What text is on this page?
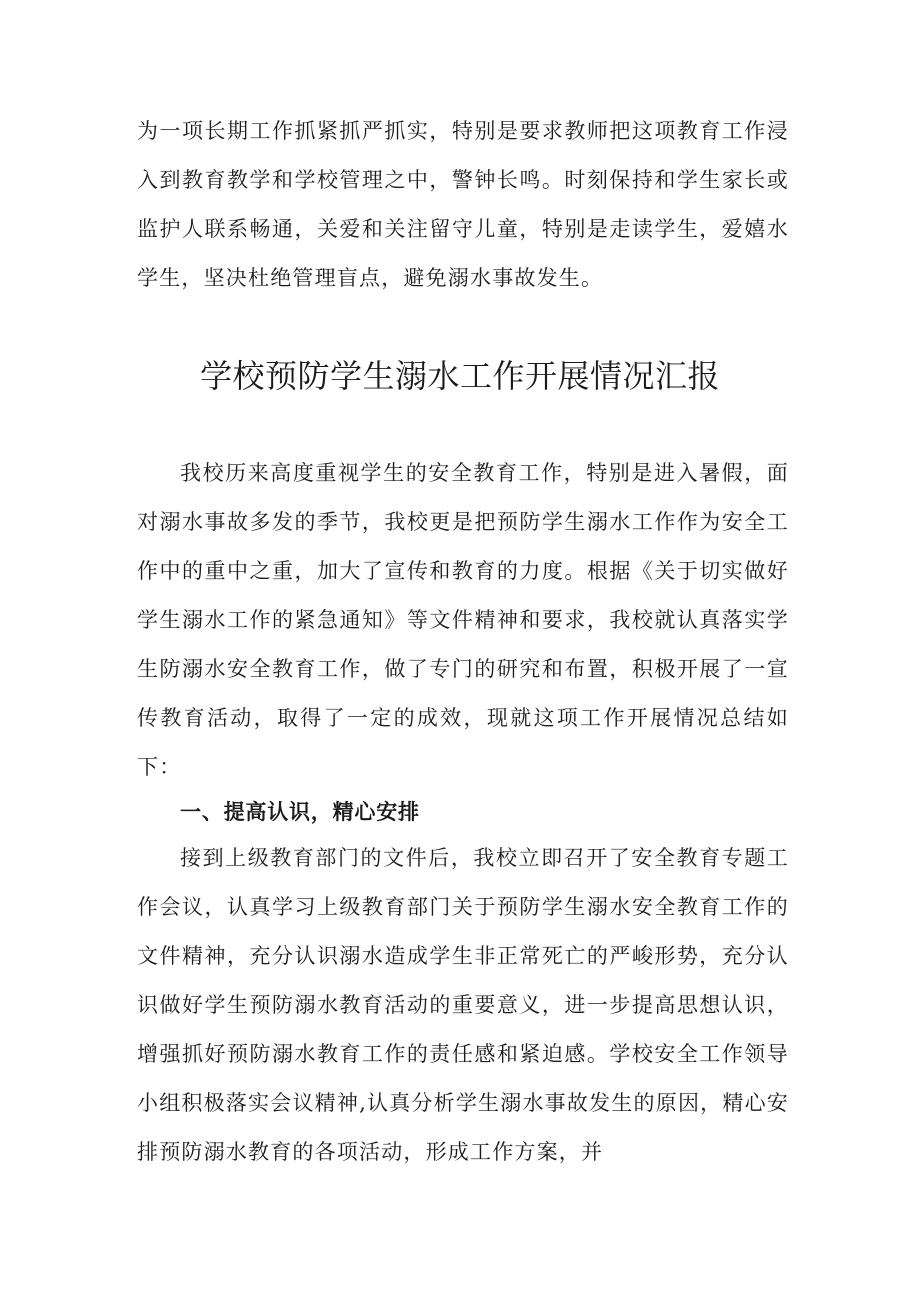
为一项长期工作抓紧抓严抓实，特别是要求教师把这项教育工作浸入到教育教学和学校管理之中，警钟长鸣。时刻保持和学生家长或监护人联系畅通，关爱和关注留守儿童，特别是走读学生，爱嬉水学生，坚决杜绝管理盲点，避免溺水事故发生。

学校预防学生溺水工作开展情况汇报

我校历来高度重视学生的安全教育工作，特别是进入暑假，面对溺水事故多发的季节，我校更是把预防学生溺水工作作为安全工作中的重中之重，加大了宣传和教育的力度。根据《关于切实做好学生溺水工作的紧急通知》等文件精神和要求，我校就认真落实学生防溺水安全教育工作，做了专门的研究和布置，积极开展了一宣传教育活动，取得了一定的成效，现就这项工作开展情况总结如下：

一、提高认识，精心安排

接到上级教育部门的文件后，我校立即召开了安全教育专题工作会议，认真学习上级教育部门关于预防学生溺水安全教育工作的文件精神，充分认识溺水造成学生非正常死亡的严峻形势，充分认识做好学生预防溺水教育活动的重要意义，进一步提高思想认识，增强抓好预防溺水教育工作的责任感和紧迫感。学校安全工作领导小组积极落实会议精神,认真分析学生溺水事故发生的原因，精心安排预防溺水教育的各项活动，形成工作方案，并
